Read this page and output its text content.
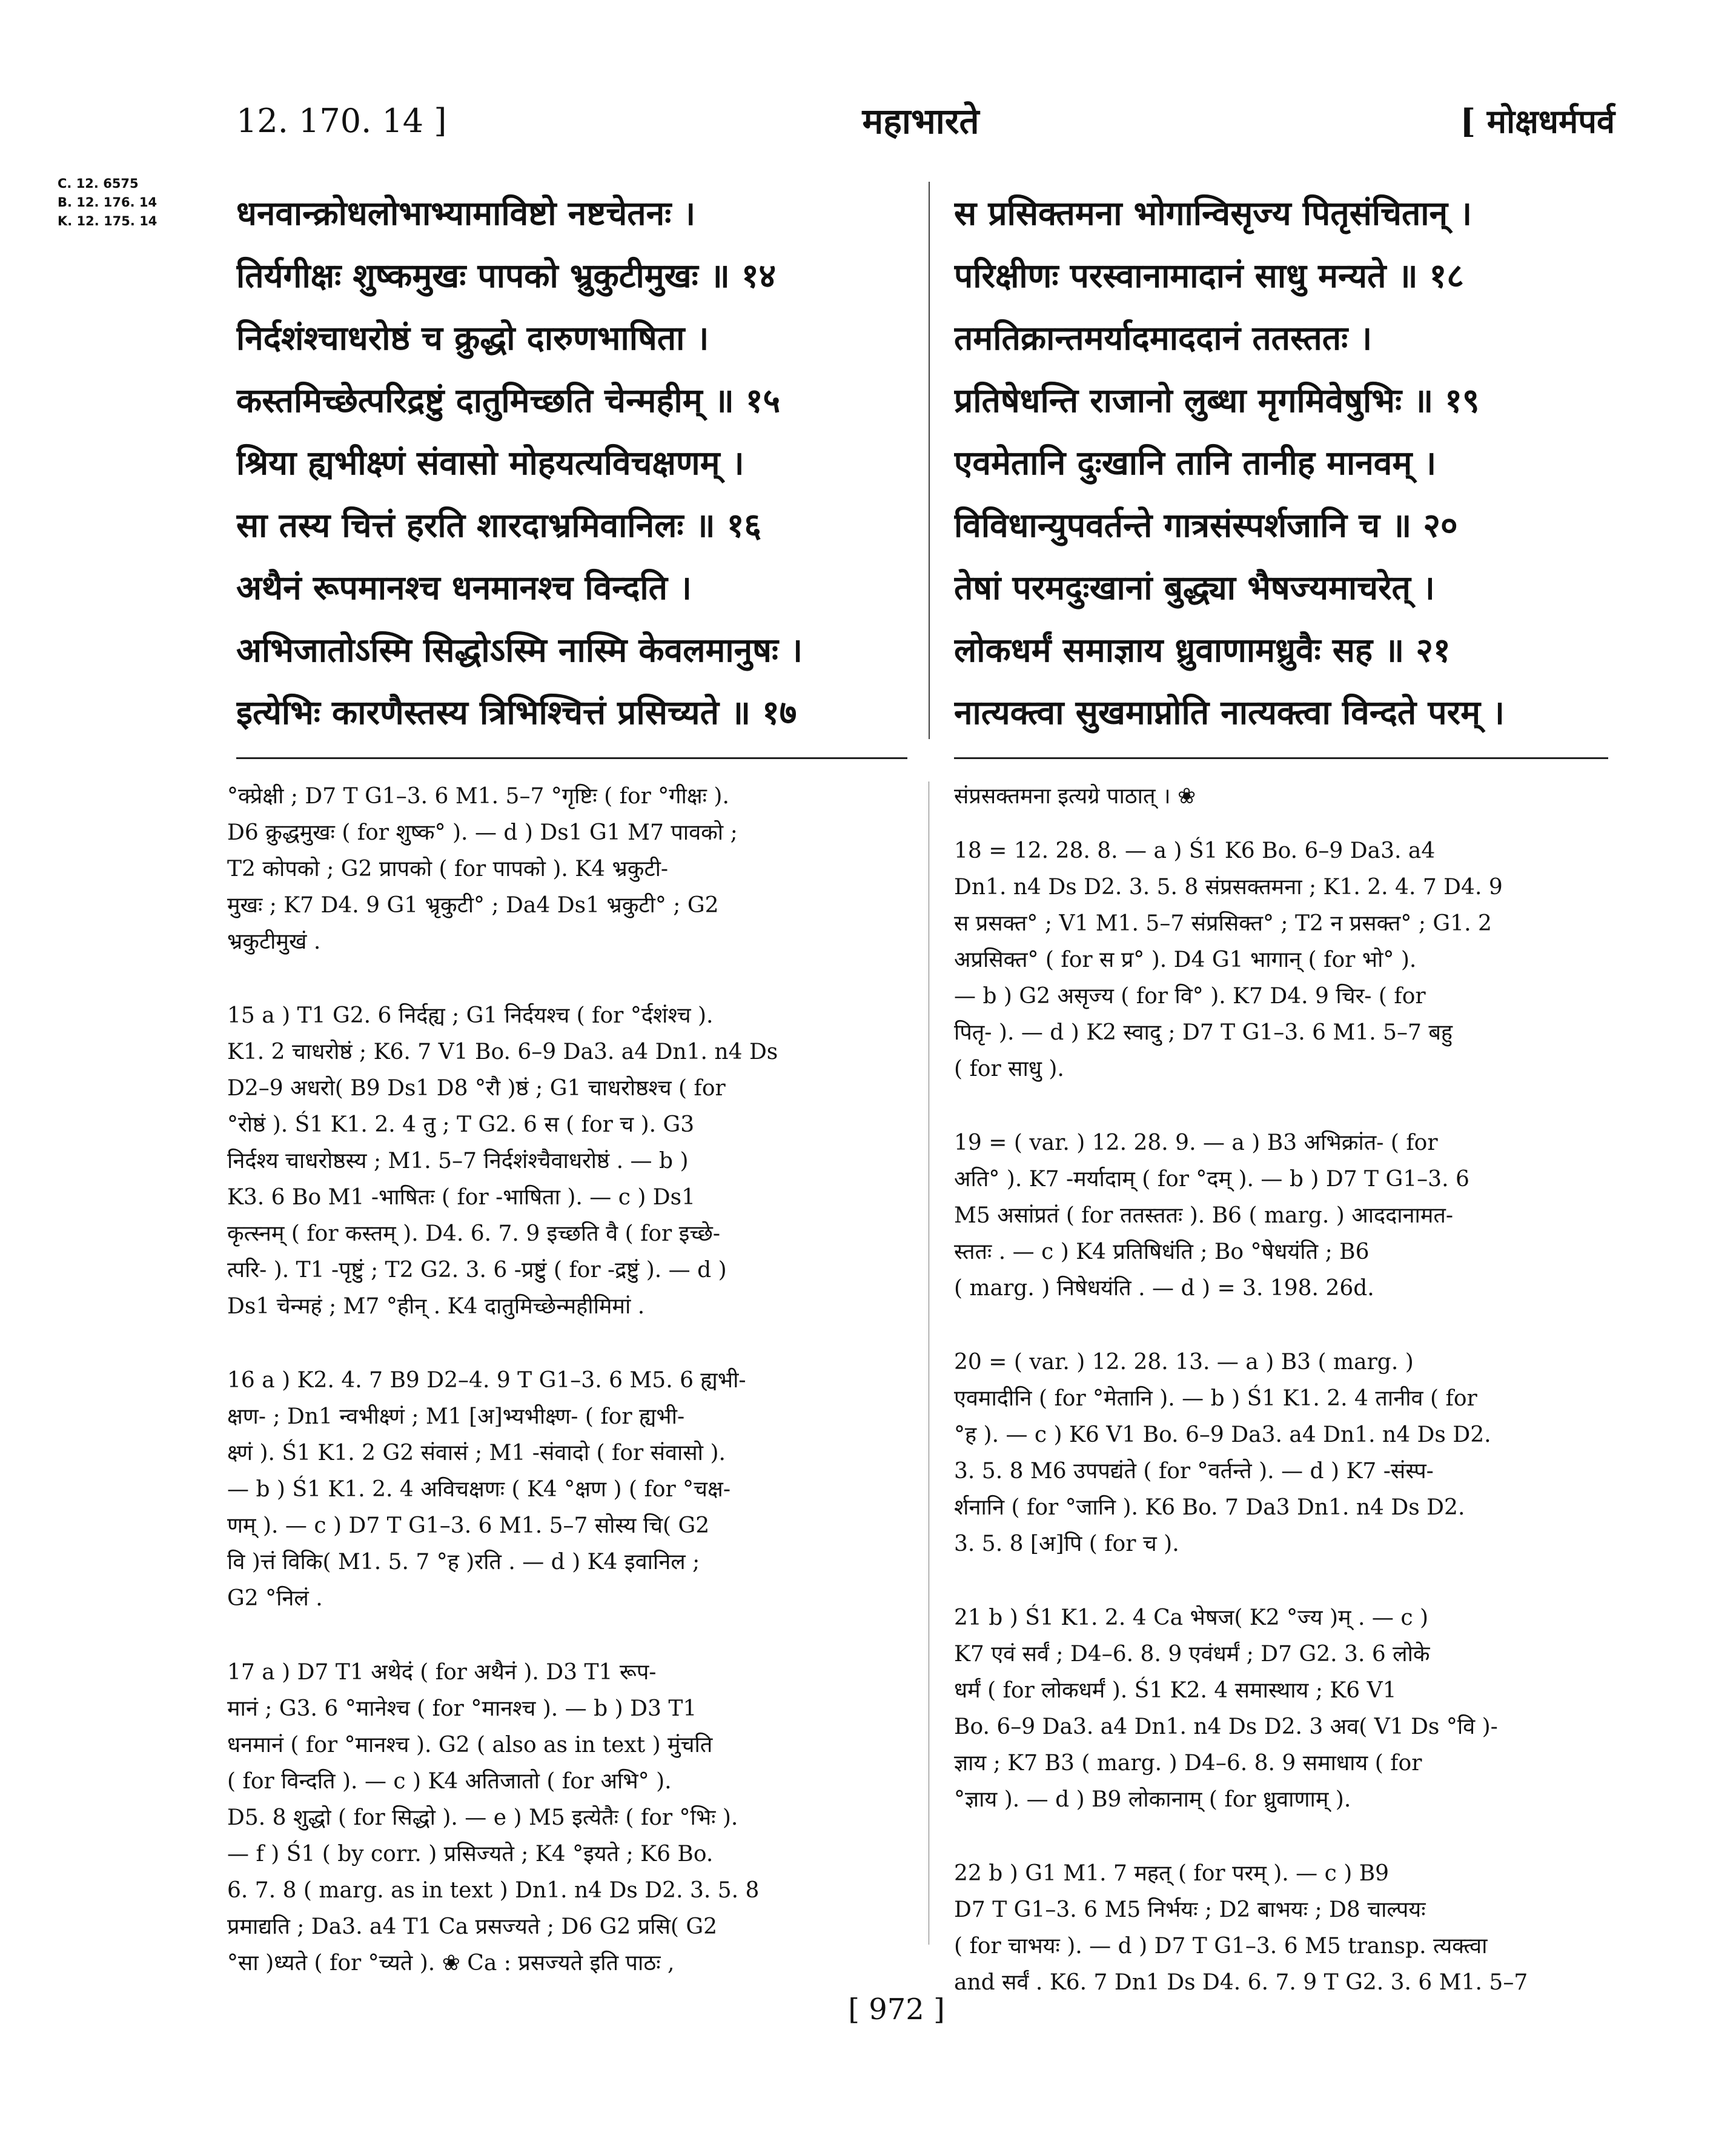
12. 170. 14 ]	महाभारते	[ मोक्षधर्मपर्व
C. 12. 6575
B. 12. 176. 14
K. 12. 175. 14 धनवान्क्रोधलोभाभ्यामाविष्टो नष्टचेतनः ।
तिर्यगीक्षः शुष्कमुखः पापको भ्रुकुटीमुखः ॥ १४
निर्दशंश्चाधरोष्ठं च क्रुद्धो दारुणभाषिता ।
कस्तमिच्छेत्परिद्रष्टुं दातुमिच्छति चेन्महीम् ॥ १५
श्रिया ह्यभीक्ष्णं संवासो मोहयत्यविचक्षणम् ।
सा तस्य चित्तं हरति शारदाभ्रमिवानिलः ॥ १६
अथैनं रूपमानश्च धनमानश्च विन्दति ।
अभिजातोऽस्मि सिद्धोऽस्मि नास्मि केवलमानुषः ।
इत्येभिः कारणैस्तस्य त्रिभिश्चित्तं प्रसिच्यते ॥ १७
स प्रसिक्तमना भोगान्विसृज्य पितृसंचितान् ।
परिक्षीणः परस्वानामादानं साधु मन्यते ॥ १८
तमतिक्रान्तमर्यादमाददानं ततस्ततः ।
प्रतिषेधन्ति राजानो लुब्धा मृगमिवेषुभिः ॥ १९
एवमेतानि दुःखानि तानि तानीह मानवम् ।
विविधान्युपवर्तन्ते गात्रसंस्पर्शजानि च ॥ २०
तेषां परमदुःखानां बुद्ध्या भैषज्यमाचरेत् ।
लोकधर्मं समाज्ञाय ध्रुवाणामध्रुवैः सह ॥ २१
नात्यक्त्वा सुखमाप्नोति नात्यक्त्वा विन्दते परम् ।
°क्प्रेक्षी ; D7 T G1–3. 6 M1. 5–7 °गृष्टिः ( for °गीक्षः ).
D6 क्रुद्धमुखः ( for शुष्क° ). — d ) Ds1 G1 M7 पावको ;
T2 कोपको ; G2 प्रापको ( for पापको ). K4 भ्रकुटी-
मुखः ; K7 D4. 9 G1 भ्रृकुटी° ; Da4 Ds1 भ्रकुटी° ; G2
भ्रकुटीमुखं .
15 a ) T1 G2. 6 निर्दह्य ; G1 निर्दयश्च ( for °र्दशंश्च ).
K1. 2 चाधरोष्ठं ; K6. 7 V1 Bo. 6–9 Da3. a4 Dn1. n4 Ds
D2–9 अधरो( B9 Ds1 D8 °रौ )ष्ठं ; G1 चाधरोष्ठश्च ( for
°रोष्ठं ). Ś1 K1. 2. 4 तु ; T G2. 6 स ( for च ). G3
निर्दश्य चाधरोष्ठस्य ; M1. 5–7 निर्दशंश्चैवाधरोष्ठं . — b )
K3. 6 Bo M1 -भाषितः ( for -भाषिता ). — c ) Ds1
कृत्स्नम् ( for कस्तम् ). D4. 6. 7. 9 इच्छति वै ( for इच्छे-
त्परि- ). T1 -पृष्टुं ; T2 G2. 3. 6 -प्रष्टुं ( for -द्रष्टुं ). — d )
Ds1 चेन्महं ; M7 °हीन् . K4 दातुमिच्छेन्महीमिमां .
16 a ) K2. 4. 7 B9 D2–4. 9 T G1–3. 6 M5. 6 ह्यभी-
क्षण- ; Dn1 न्वभीक्ष्णं ; M1 [अ]भ्यभीक्ष्ण- ( for ह्यभी-
क्ष्णं ). Ś1 K1. 2 G2 संवासं ; M1 -संवादो ( for संवासो ).
— b ) Ś1 K1. 2. 4 अविचक्षणः ( K4 °क्षण ) ( for °चक्ष-
णम् ). — c ) D7 T G1–3. 6 M1. 5–7 सोस्य चि( G2
वि )त्तं विकि( M1. 5. 7 °ह )रति . — d ) K4 इवानिल ;
G2 °निलं .
17 a ) D7 T1 अथेदं ( for अथैनं ). D3 T1 रूप-
मानं ; G3. 6 °मानेश्च ( for °मानश्च ). — b ) D3 T1
धनमानं ( for °मानश्च ). G2 ( also as in text ) मुंचति
( for विन्दति ). — c ) K4 अतिजातो ( for अभि° ).
D5. 8 शुद्धो ( for सिद्धो ). — e ) M5 इत्येतैः ( for °भिः ).
— f ) Ś1 ( by corr. ) प्रसिज्यते ; K4 °इयते ; K6 Bo.
6. 7. 8 ( marg. as in text ) Dn1. n4 Ds D2. 3. 5. 8
प्रमाद्यति ; Da3. a4 T1 Ca प्रसज्यते ; D6 G2 प्रसि( G2
°सा )ध्यते ( for °च्यते ). ❀ Ca : प्रसज्यते इति पाठः ,
संप्रसक्तमना इत्यग्रे पाठात् । ❀
18 = 12. 28. 8. — a ) Ś1 K6 Bo. 6–9 Da3. a4
Dn1. n4 Ds D2. 3. 5. 8 संप्रसक्तमना ; K1. 2. 4. 7 D4. 9
स प्रसक्त° ; V1 M1. 5–7 संप्रसिक्त° ; T2 न प्रसक्त° ; G1. 2
अप्रसिक्त° ( for स प्र° ). D4 G1 भागान् ( for भो° ).
— b ) G2 असृज्य ( for वि° ). K7 D4. 9 चिर- ( for
पितृ- ). — d ) K2 स्वादु ; D7 T G1–3. 6 M1. 5–7 बहु
( for साधु ).
19 = ( var. ) 12. 28. 9. — a ) B3 अभिक्रांत- ( for
अति° ). K7 -मर्यादाम् ( for °दम् ). — b ) D7 T G1–3. 6
M5 असांप्रतं ( for ततस्ततः ). B6 ( marg. ) आददानामत-
स्ततः . — c ) K4 प्रतिषिधंति ; Bo °षेधयंति ; B6
( marg. ) निषेधयंति . — d ) = 3. 198. 26d.
20 = ( var. ) 12. 28. 13. — a ) B3 ( marg. )
एवमादीनि ( for °मेतानि ). — b ) Ś1 K1. 2. 4 तानीव ( for
°ह ). — c ) K6 V1 Bo. 6–9 Da3. a4 Dn1. n4 Ds D2.
3. 5. 8 M6 उपपद्यंते ( for °वर्तन्ते ). — d ) K7 -संस्प-
र्शनानि ( for °जानि ). K6 Bo. 7 Da3 Dn1. n4 Ds D2.
3. 5. 8 [अ]पि ( for च ).
21 b ) Ś1 K1. 2. 4 Ca भेषज( K2 °ज्य )म् . — c )
K7 एवं सर्वं ; D4–6. 8. 9 एवंधर्मं ; D7 G2. 3. 6 लोके
धर्मं ( for लोकधर्मं ). Ś1 K2. 4 समास्थाय ; K6 V1
Bo. 6–9 Da3. a4 Dn1. n4 Ds D2. 3 अव( V1 Ds °वि )-
ज्ञाय ; K7 B3 ( marg. ) D4–6. 8. 9 समाधाय ( for
°ज्ञाय ). — d ) B9 लोकानाम् ( for ध्रुवाणाम् ).
22 b ) G1 M1. 7 महत् ( for परम् ). — c ) B9
D7 T G1–3. 6 M5 निर्भयः ; D2 बाभयः ; D8 चाल्पयः
( for चाभयः ). — d ) D7 T G1–3. 6 M5 transp. त्यक्त्वा
and सर्वं . K6. 7 Dn1 Ds D4. 6. 7. 9 T G2. 3. 6 M1. 5–7
[ 972 ]
